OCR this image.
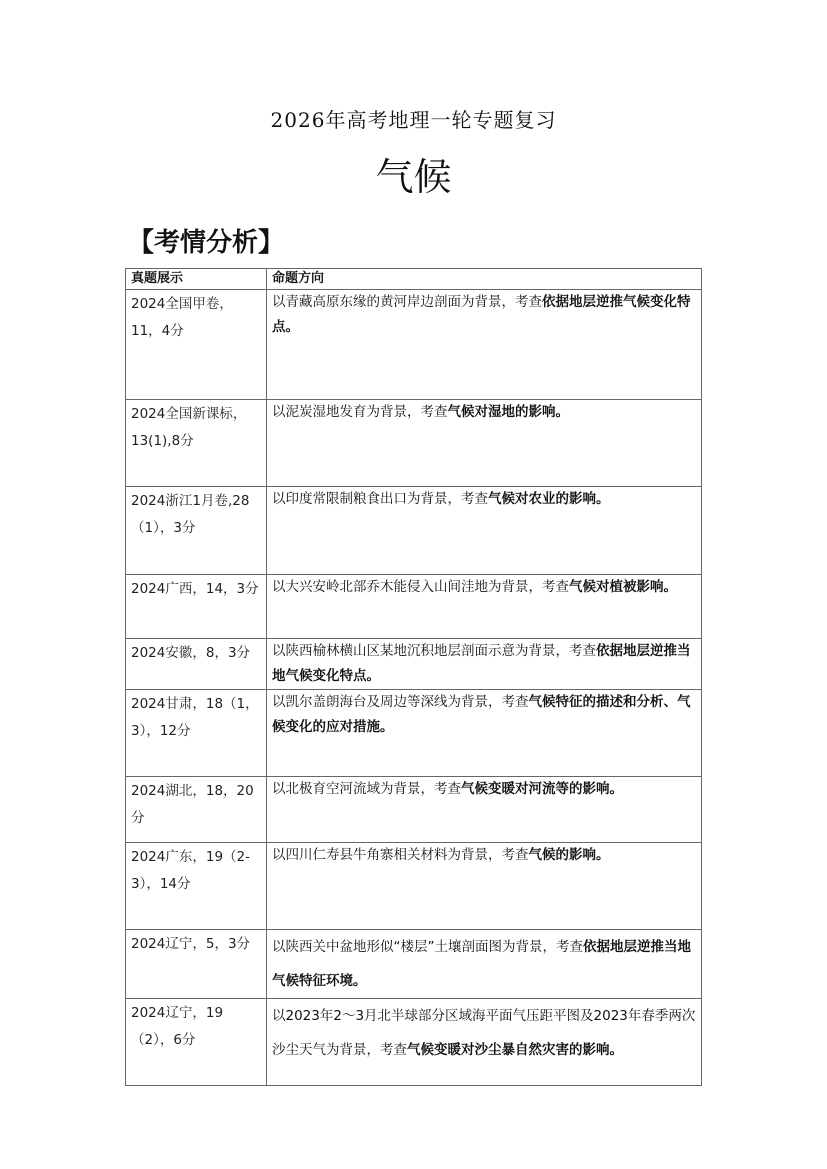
2026年高考地理一轮专题复习
气候
【考情分析】
真题展示	命题方向
2024全国甲卷，11，4分	以青藏高原东缘的黄河岸边剖面为背景，考查依据地层逆推气候变化特点。
2024全国新课标，13(1),8分	以泥炭湿地发育为背景，考查气候对湿地的影响。
2024浙江1月卷,28（1），3分	以印度常限制粮食出口为背景，考查气候对农业的影响。
2024广西，14，3分	以大兴安岭北部乔木能侵入山间洼地为背景，考查气候对植被影响。
2024安徽，8，3分	以陕西榆林横山区某地沉积地层剖面示意为背景，考查依据地层逆推当地气候变化特点。
2024甘肃，18（1，3），12分	以凯尔盖朗海台及周边等深线为背景，考查气候特征的描述和分析、气候变化的应对措施。
2024湖北，18，20分	以北极育空河流域为背景，考查气候变暖对河流等的影响。
2024广东，19（2-3），14分	以四川仁寿县牛角寨相关材料为背景，考查气候的影响。
2024辽宁，5，3分	以陕西关中盆地形似“楼层”土壤剖面图为背景，考查依据地层逆推当地气候特征环境。
2024辽宁，19（2），6分	以2023年2～3月北半球部分区域海平面气压距平图及2023年春季两次沙尘天气为背景，考查气候变暖对沙尘暴自然灾害的影响。
